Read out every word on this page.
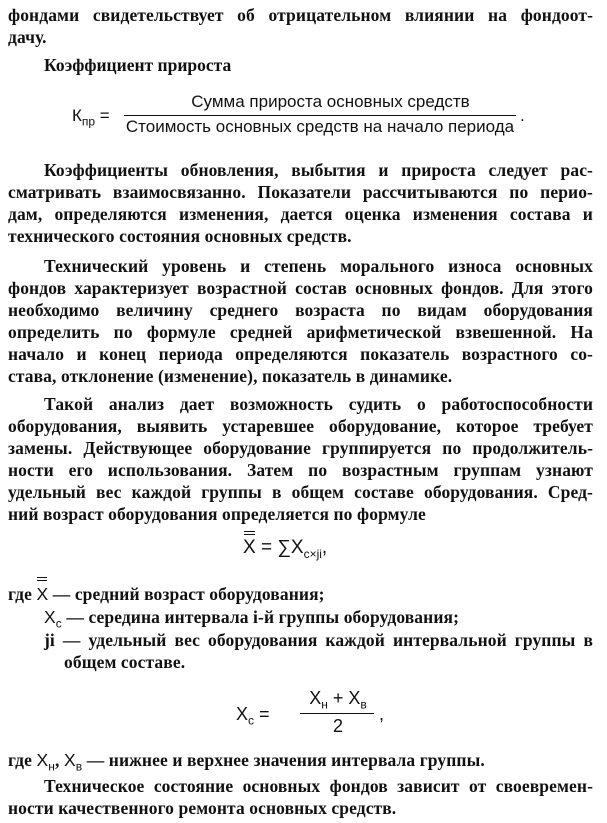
фондами свидетельствует об отрицательном влиянии на фондоот-
дачу.
Коэффициент прироста
$К_{пр}$ =
Сумма прироста основных средств
Стоимость основных средств на начало периода
.
Коэффициенты обновления, выбытия и прироста следует рас-
сматривать взаимосвязанно. Показатели рассчитываются по перио-
дам, определяются изменения, дается оценка изменения состава и
технического состояния основных средств.
Технический уровень и степень морального износа основных
фондов характеризует возрастной состав основных фондов. Для этого
необходимо величину среднего возраста по видам оборудования
определить по формуле средней арифметической взвешенной. На
начало и конец периода определяются показатель возрастного со-
става, отклонение (изменение), показатель в динамике.
Такой анализ дает возможность судить о работоспособности
оборудования, выявить устаревшее оборудование, которое требует
замены. Действующее оборудование группируется по продолжитель-
ности его использования. Затем по возрастным группам узнают
удельный вес каждой группы в общем составе оборудования. Сред-
ний возраст оборудования определяется по формуле
$X = \sum X_{c\times ji}$,
где X — средний возраст оборудования;
$X_c$ — середина интервала i-й группы оборудования;
ji — удельный вес оборудования каждой интервальной группы в
общем составе.
$X_c$ =
$X_н + X_в$
2
,
где $X_н$, $X_в$ — нижнее и верхнее значения интервала группы.
Техническое состояние основных фондов зависит от своевремен-
ности качественного ремонта основных средств.
